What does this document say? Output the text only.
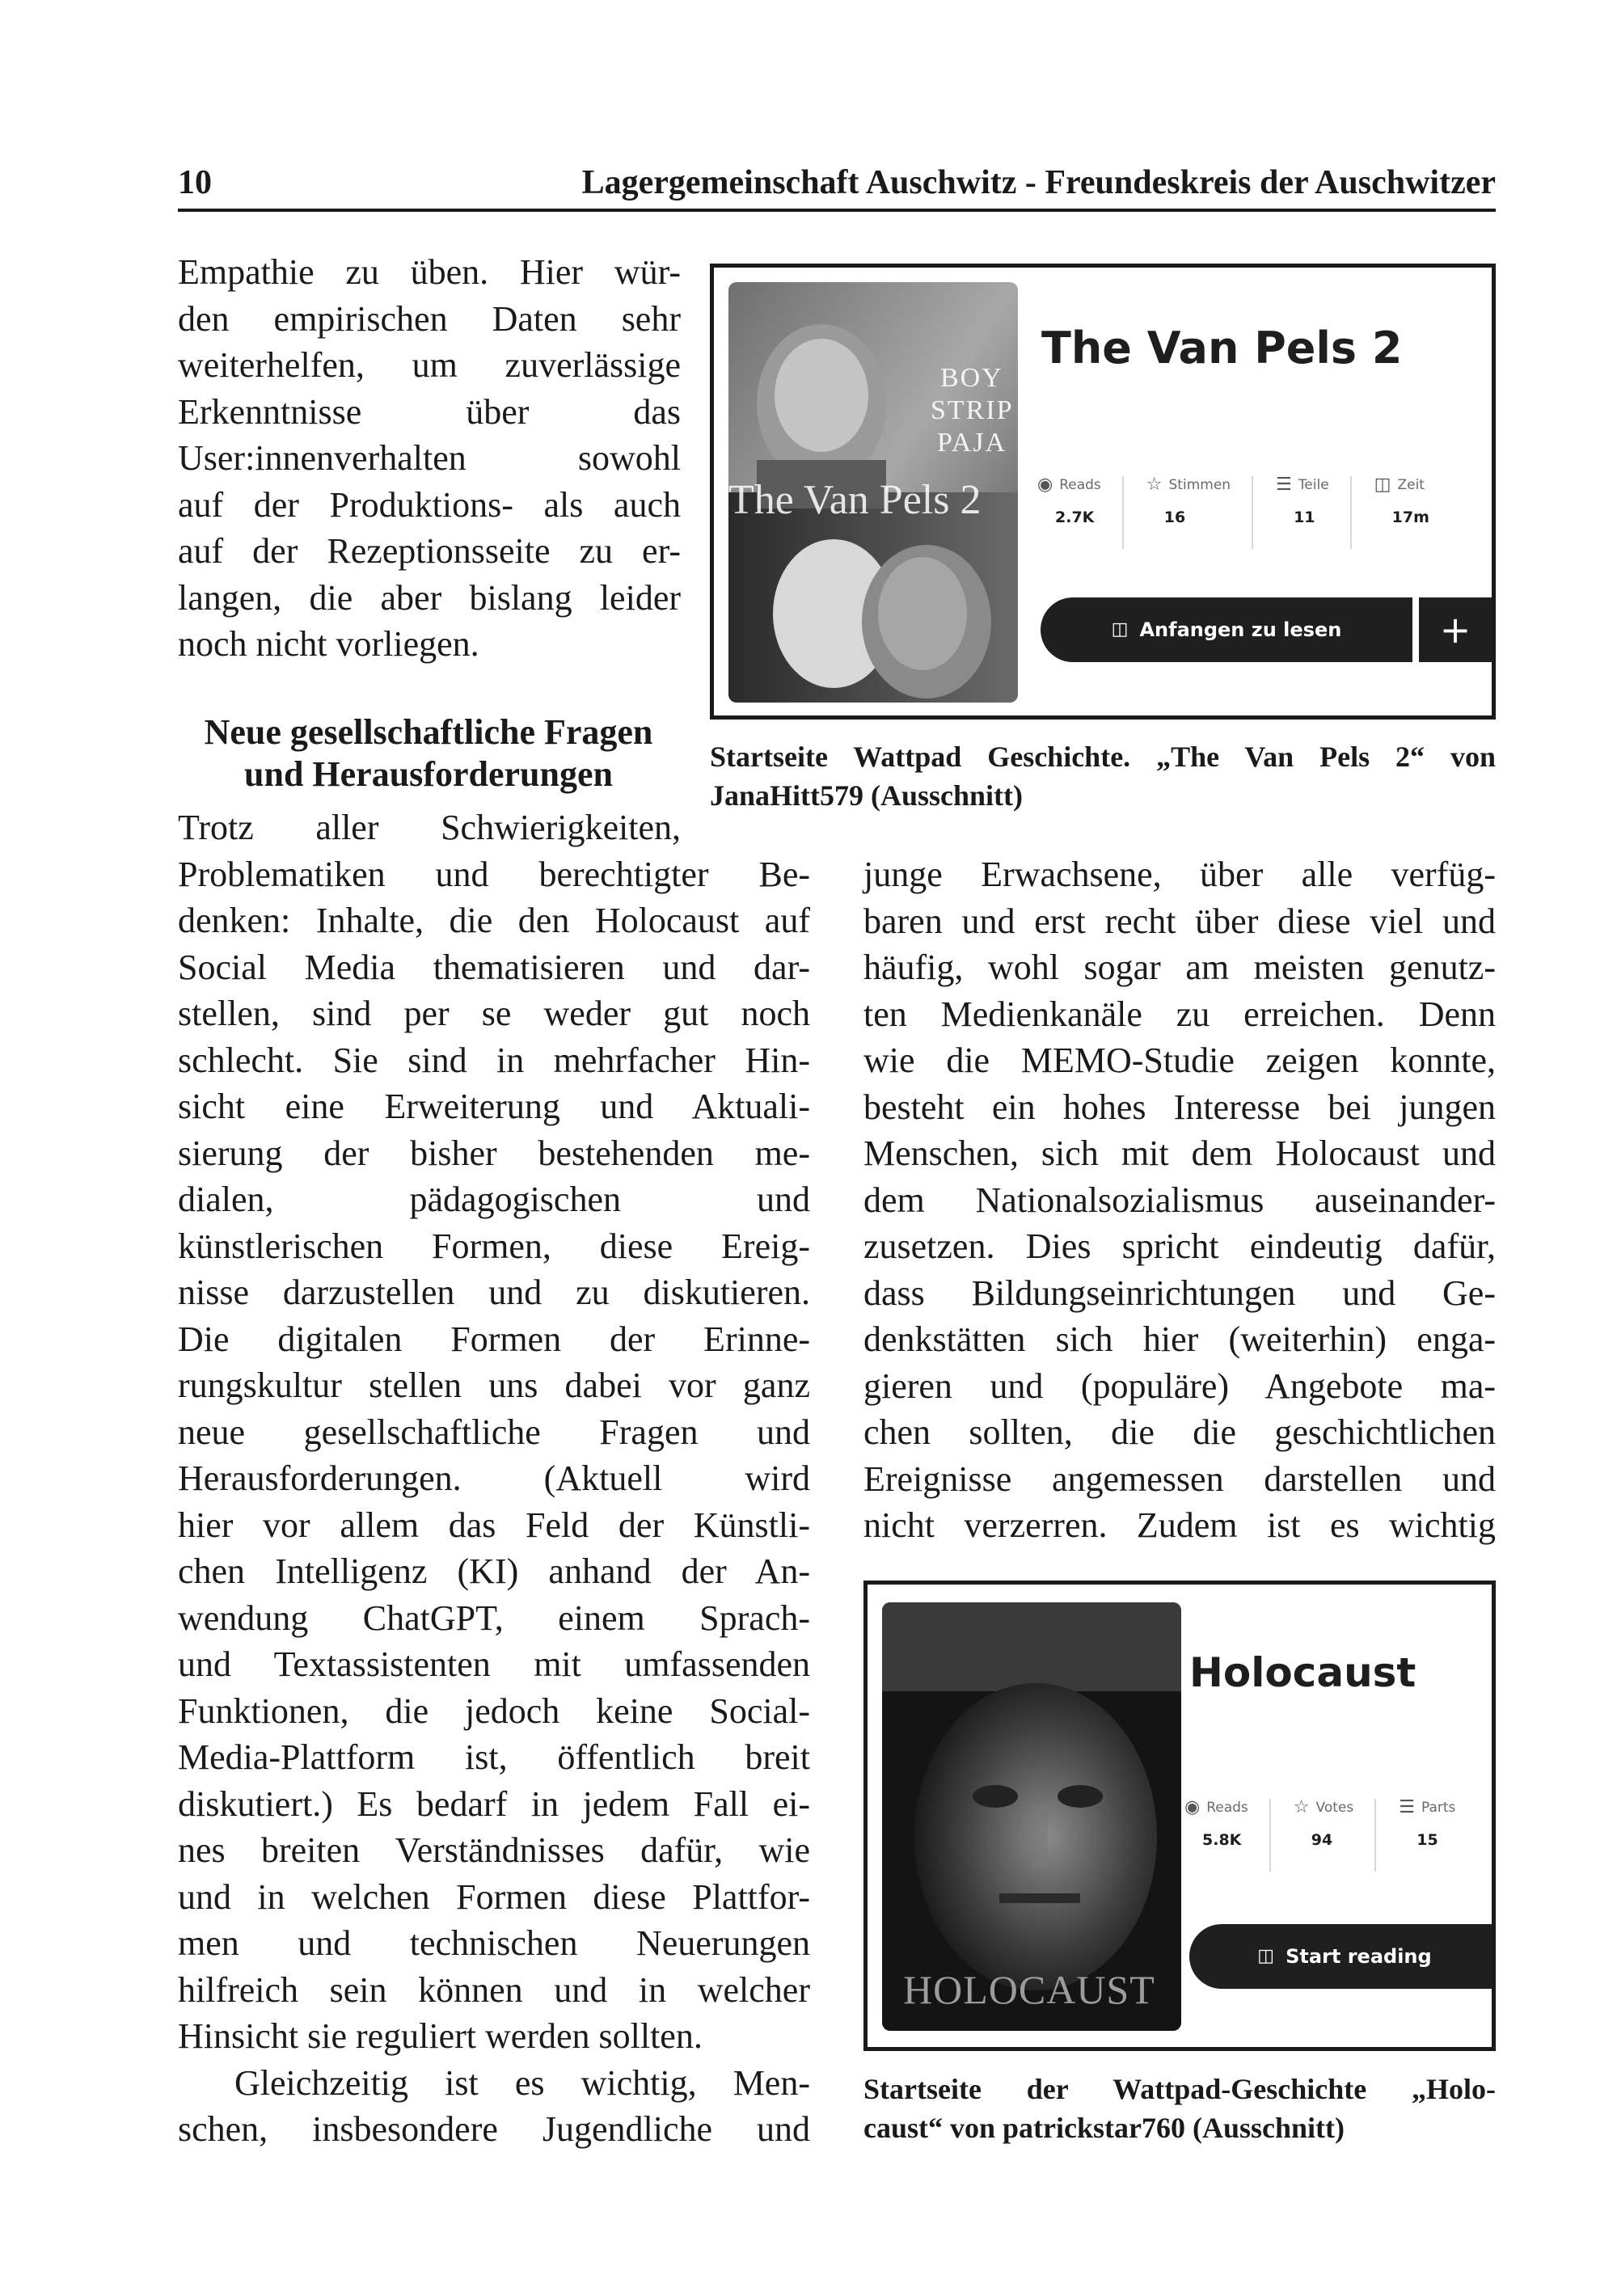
10	Lagergemeinschaft Auschwitz - Freundeskreis der Auschwitzer

Empathie zu üben. Hier wür-

den empirischen Daten sehr

weiterhelfen, um zuverlässige

Erkenntnisse über das

User:innenverhalten sowohl

auf der Produktions- als auch

auf der Rezeptionsseite zu er-

langen, die aber bislang leider

noch nicht vorliegen.

Neue gesellschaftliche Fragen
und Herausforderungen

Trotz aller Schwierigkeiten,

Problematiken und berechtigter Be-

denken: Inhalte, die den Holocaust auf

Social Media thematisieren und dar-

stellen, sind per se weder gut noch

schlecht. Sie sind in mehrfacher Hin-

sicht eine Erweiterung und Aktuali-

sierung der bisher bestehenden me-

dialen, pädagogischen und

künstlerischen Formen, diese Ereig-

nisse darzustellen und zu diskutieren.

Die digitalen Formen der Erinne-

rungskultur stellen uns dabei vor ganz

neue gesellschaftliche Fragen und

Herausforderungen. (Aktuell wird

hier vor allem das Feld der Künstli-

chen Intelligenz (KI) anhand der An-

wendung ChatGPT, einem Sprach-

und Textassistenten mit umfassenden

Funktionen, die jedoch keine Social-

Media-Plattform ist, öffentlich breit

diskutiert.) Es bedarf in jedem Fall ei-

nes breiten Verständnisses dafür, wie

und in welchen Formen diese Plattfor-

men und technischen Neuerungen

hilfreich sein können und in welcher

Hinsicht sie reguliert werden sollten.

Gleichzeitig ist es wichtig, Men-

schen, insbesondere Jugendliche und

junge Erwachsene, über alle verfüg-

baren und erst recht über diese viel und

häufig, wohl sogar am meisten genutz-

ten Medienkanäle zu erreichen. Denn

wie die MEMO-Studie zeigen konnte,

besteht ein hohes Interesse bei jungen

Menschen, sich mit dem Holocaust und

dem Nationalsozialismus auseinander-

zusetzen. Dies spricht eindeutig dafür,

dass Bildungseinrichtungen und Ge-

denkstätten sich hier (weiterhin) enga-

gieren und (populäre) Angebote ma-

chen sollten, die die geschichtlichen

Ereignisse angemessen darstellen und

nicht verzerren. Zudem ist es wichtig

BOY
STRIP
PAJA
The Van Pels 2
The Van Pels 2
◉ Reads
2.7K
☆ Stimmen
16
☰ Teile
11
◫ Zeit
17m
◫ Anfangen zu lesen	+

Startseite Wattpad Geschichte. „The Van Pels 2“ von

JanaHitt579 (Ausschnitt)

HOLOCAUST
Holocaust
◉ Reads
5.8K
☆ Votes
94
☰ Parts
15
◫ Start reading

Startseite der Wattpad-Geschichte „Holo-

caust“ von patrickstar760 (Ausschnitt)
